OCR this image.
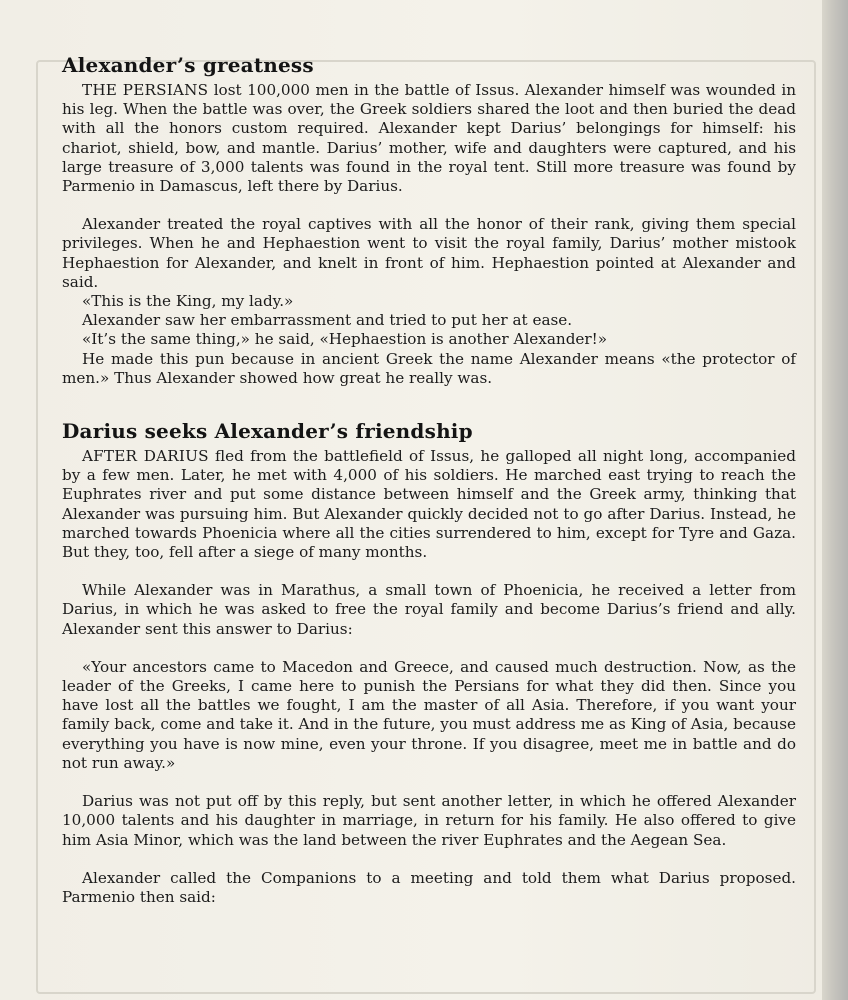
Alexander’s greatness

THE PERSIANS lost 100,000 men in the battle of Issus. Alexander himself was wounded in his leg. When the battle was over, the Greek soldiers shared the loot and then buried the dead with all the honors custom required. Alexander kept Darius’ belongings for himself: his chariot, shield, bow, and mantle. Darius’ mother, wife and daughters were captured, and his large treasure of 3,000 talents was found in the royal tent. Still more treasure was found by Parmenio in Damascus, left there by Darius.

Alexander treated the royal captives with all the honor of their rank, giving them special privileges. When he and Hephaestion went to visit the royal family, Darius’ mother mistook Hephaestion for Alexander, and knelt in front of him. Hephaestion pointed at Alexander and said.

«This is the King, my lady.»

Alexander saw her embarrassment and tried to put her at ease.

«It’s the same thing,» he said, «Hephaestion is another Alexander!»

He made this pun because in ancient Greek the name Alexander means «the protector of men.» Thus Alexander showed how great he really was.

Darius seeks Alexander’s friendship

AFTER DARIUS fled from the battlefield of Issus, he galloped all night long, accompanied by a few men. Later, he met with 4,000 of his soldiers. He marched east trying to reach the Euphrates river and put some distance between himself and the Greek army, thinking that Alexander was pursuing him. But Alexander quickly decided not to go after Darius. Instead, he marched towards Phoenicia where all the cities surrendered to him, except for Tyre and Gaza. But they, too, fell after a siege of many months.

While Alexander was in Marathus, a small town of Phoenicia, he received a letter from Darius, in which he was asked to free the royal family and become Darius’s friend and ally. Alexander sent this answer to Darius:

«Your ancestors came to Macedon and Greece, and caused much destruction. Now, as the leader of the Greeks, I came here to punish the Persians for what they did then. Since you have lost all the battles we fought, I am the master of all Asia. Therefore, if you want your family back, come and take it. And in the future, you must address me as King of Asia, because everything you have is now mine, even your throne. If you disagree, meet me in battle and do not run away.»

Darius was not put off by this reply, but sent another letter, in which he offered Alexander 10,000 talents and his daughter in marriage, in return for his family. He also offered to give him Asia Minor, which was the land between the river Euphrates and the Aegean Sea.

Alexander called the Companions to a meeting and told them what Darius proposed. Parmenio then said:
